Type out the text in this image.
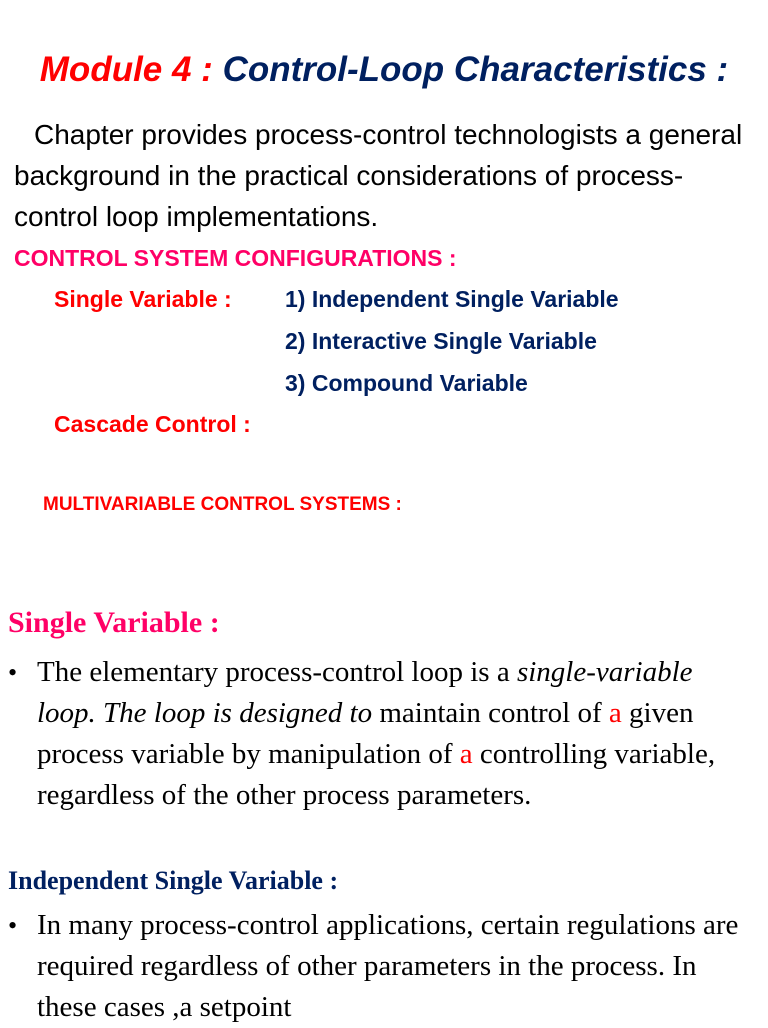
Module 4 : Control-Loop Characteristics :
Chapter provides process-control technologists a general background in the practical considerations of process-control loop implementations.
CONTROL SYSTEM CONFIGURATIONS :
Single Variable : 1) Independent Single Variable
2) Interactive Single Variable
3) Compound Variable
Cascade Control :
MULTIVARIABLE CONTROL SYSTEMS :
Single Variable :
• The elementary process-control loop is a single-variable loop. The loop is designed to maintain control of a given process variable by manipulation of a controlling variable, regardless of the other process parameters.
Independent Single Variable :
• In many process-control applications, certain regulations are required regardless of other parameters in the process. In these cases ,a setpoint
